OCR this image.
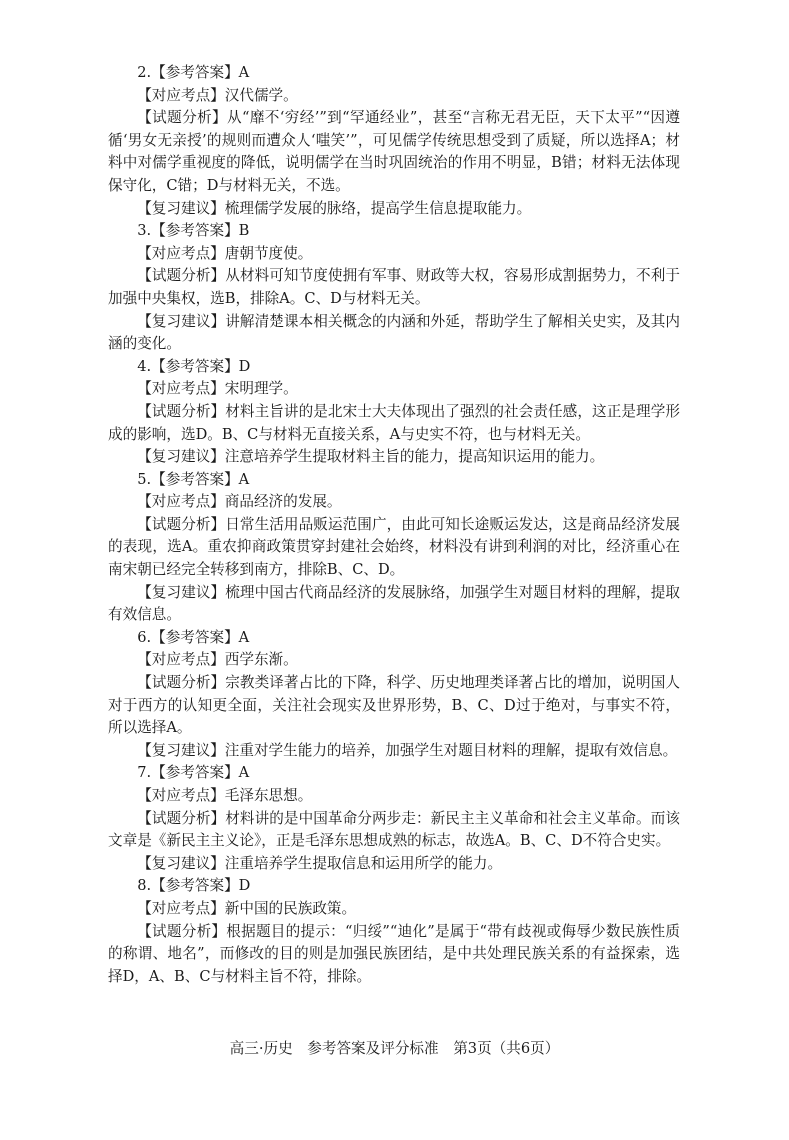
2.【参考答案】A

【对应考点】汉代儒学。

【试题分析】从“靡不‘穷经’”到“罕通经业”，甚至“言称无君无臣，天下太平”“因遵循‘男女无亲授’的规则而遭众人‘嗤笑’”，可见儒学传统思想受到了质疑，所以选择A；材料中对儒学重视度的降低，说明儒学在当时巩固统治的作用不明显，B错；材料无法体现保守化，C错；D与材料无关，不选。

【复习建议】梳理儒学发展的脉络，提高学生信息提取能力。

3.【参考答案】B

【对应考点】唐朝节度使。

【试题分析】从材料可知节度使拥有军事、财政等大权，容易形成割据势力，不利于加强中央集权，选B，排除A。C、D与材料无关。

【复习建议】讲解清楚课本相关概念的内涵和外延，帮助学生了解相关史实，及其内涵的变化。

4.【参考答案】D

【对应考点】宋明理学。

【试题分析】材料主旨讲的是北宋士大夫体现出了强烈的社会责任感，这正是理学形成的影响，选D。B、C与材料无直接关系，A与史实不符，也与材料无关。

【复习建议】注意培养学生提取材料主旨的能力，提高知识运用的能力。

5.【参考答案】A

【对应考点】商品经济的发展。

【试题分析】日常生活用品贩运范围广，由此可知长途贩运发达，这是商品经济发展的表现，选A。重农抑商政策贯穿封建社会始终，材料没有讲到利润的对比，经济重心在南宋朝已经完全转移到南方，排除B、C、D。

【复习建议】梳理中国古代商品经济的发展脉络，加强学生对题目材料的理解，提取有效信息。

6.【参考答案】A

【对应考点】西学东渐。

【试题分析】宗教类译著占比的下降，科学、历史地理类译著占比的增加，说明国人对于西方的认知更全面，关注社会现实及世界形势，B、C、D过于绝对，与事实不符，所以选择A。

【复习建议】注重对学生能力的培养，加强学生对题目材料的理解，提取有效信息。

7.【参考答案】A

【对应考点】毛泽东思想。

【试题分析】材料讲的是中国革命分两步走：新民主主义革命和社会主义革命。而该文章是《新民主主义论》，正是毛泽东思想成熟的标志，故选A。B、C、D不符合史实。

【复习建议】注重培养学生提取信息和运用所学的能力。

8.【参考答案】D

【对应考点】新中国的民族政策。

【试题分析】根据题目的提示：“归绥”“迪化”是属于“带有歧视或侮辱少数民族性质的称谓、地名”，而修改的目的则是加强民族团结，是中共处理民族关系的有益探索，选择D，A、B、C与材料主旨不符，排除。

高三·历史　参考答案及评分标准　第3页（共6页）
